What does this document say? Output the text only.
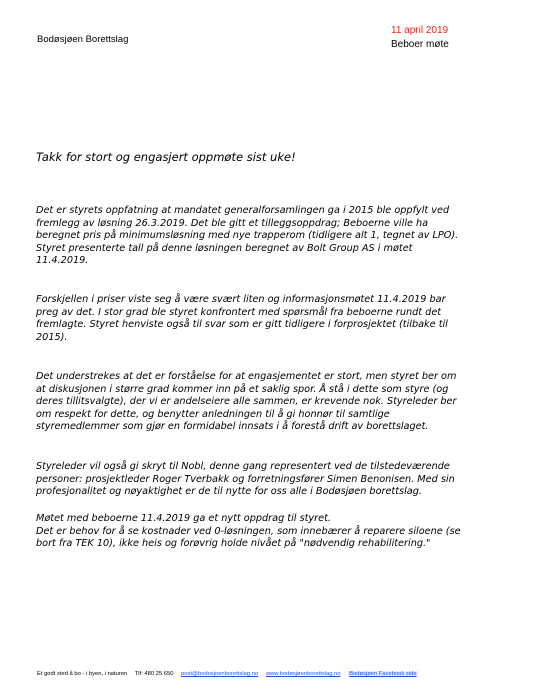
Bodøsjøen Borettslag
11 april 2019
Beboer møte
Takk for stort og engasjert oppmøte sist uke!
Det er styrets oppfatning at mandatet generalforsamlingen ga i 2015 ble oppfylt ved
fremlegg av løsning 26.3.2019. Det ble gitt et tilleggsoppdrag; Beboerne ville ha
beregnet pris på minimumsløsning med nye trapperom (tidligere alt 1, tegnet av LPO).
Styret presenterte tall på denne løsningen beregnet av Bolt Group AS i møtet
11.4.2019.
Forskjellen i priser viste seg å være svært liten og informasjonsmøtet 11.4.2019 bar
preg av det. I stor grad ble styret konfrontert med spørsmål fra beboerne rundt det
fremlagte. Styret henviste også til svar som er gitt tidligere i forprosjektet (tilbake til
2015).
Det understrekes at det er forståelse for at engasjementet er stort, men styret ber om
at diskusjonen i større grad kommer inn på et saklig spor. Å stå i dette som styre (og
deres tillitsvalgte), der vi er andelseiere alle sammen, er krevende nok. Styreleder ber
om respekt for dette, og benytter anledningen til å gi honnør til samtlige
styremedlemmer som gjør en formidabel innsats i å forestå drift av borettslaget.
Styreleder vil også gi skryt til Nobl, denne gang representert ved de tilstedeværende
personer: prosjektleder Roger Tverbakk og forretningsfører Simen Benonisen. Med sin
profesjonalitet og nøyaktighet er de til nytte for oss alle i Bodøsjøen borettslag.
Møtet med beboerne 11.4.2019 ga et nytt oppdrag til styret.
Det er behov for å se kostnader ved 0-løsningen, som innebærer å reparere siloene (se
bort fra TEK 10), ikke heis og forøvrig holde nivået på "nødvendig rehabilitering."
Et godt sted å bo - i byen, i naturen Tlf: 480 25 650 post@bodosjoenborettslag.no www.bodøsjøenborettslag.no Bodøsjøen Facebook side
